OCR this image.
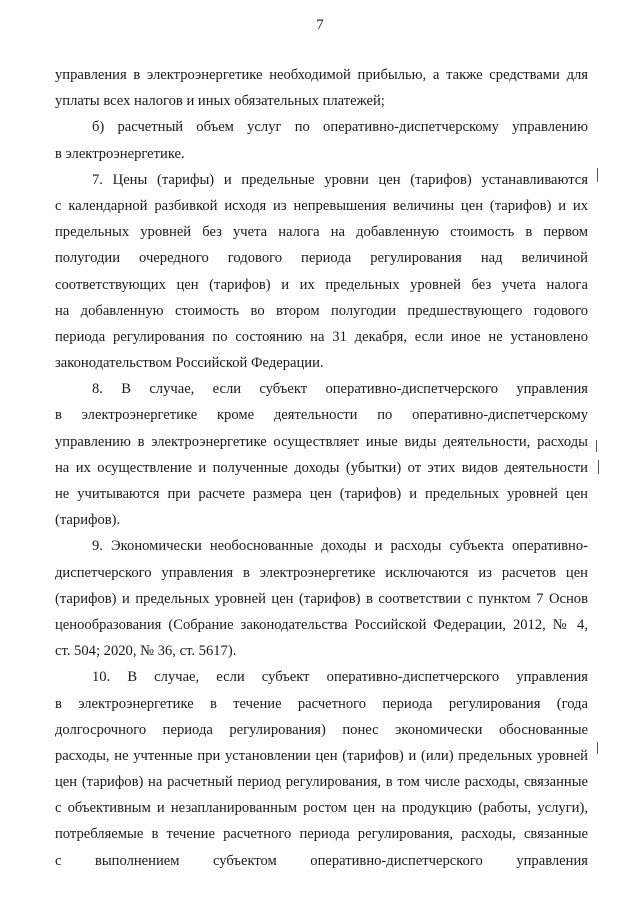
7
управления в электроэнергетике необходимой прибылью, а также средствами для
уплаты всех налогов и иных обязательных платежей;
б) расчетный объем услуг по оперативно-диспетчерскому управлению
в электроэнергетике.
7. Цены (тарифы) и предельные уровни цен (тарифов) устанавливаются
с календарной разбивкой исходя из непревышения величины цен (тарифов) и их
предельных уровней без учета налога на добавленную стоимость в первом
полугодии очередного годового периода регулирования над величиной
соответствующих цен (тарифов) и их предельных уровней без учета налога
на добавленную стоимость во втором полугодии предшествующего годового
периода регулирования по состоянию на 31 декабря, если иное не установлено
законодательством Российской Федерации.
8. В случае, если субъект оперативно-диспетчерского управления
в электроэнергетике кроме деятельности по оперативно-диспетчерскому
управлению в электроэнергетике осуществляет иные виды деятельности, расходы
на их осуществление и полученные доходы (убытки) от этих видов деятельности
не учитываются при расчете размера цен (тарифов) и предельных уровней цен
(тарифов).
9. Экономически необоснованные доходы и расходы субъекта оперативно-
диспетчерского управления в электроэнергетике исключаются из расчетов цен
(тарифов) и предельных уровней цен (тарифов) в соответствии с пунктом 7 Основ
ценообразования (Собрание законодательства Российской Федерации, 2012, № 4,
ст. 504; 2020, № 36, ст. 5617).
10. В случае, если субъект оперативно-диспетчерского управления
в электроэнергетике в течение расчетного периода регулирования (года
долгосрочного периода регулирования) понес экономически обоснованные
расходы, не учтенные при установлении цен (тарифов) и (или) предельных уровней
цен (тарифов) на расчетный период регулирования, в том числе расходы, связанные
с объективным и незапланированным ростом цен на продукцию (работы, услуги),
потребляемые в течение расчетного периода регулирования, расходы, связанные
с выполнением субъектом оперативно-диспетчерского управления
